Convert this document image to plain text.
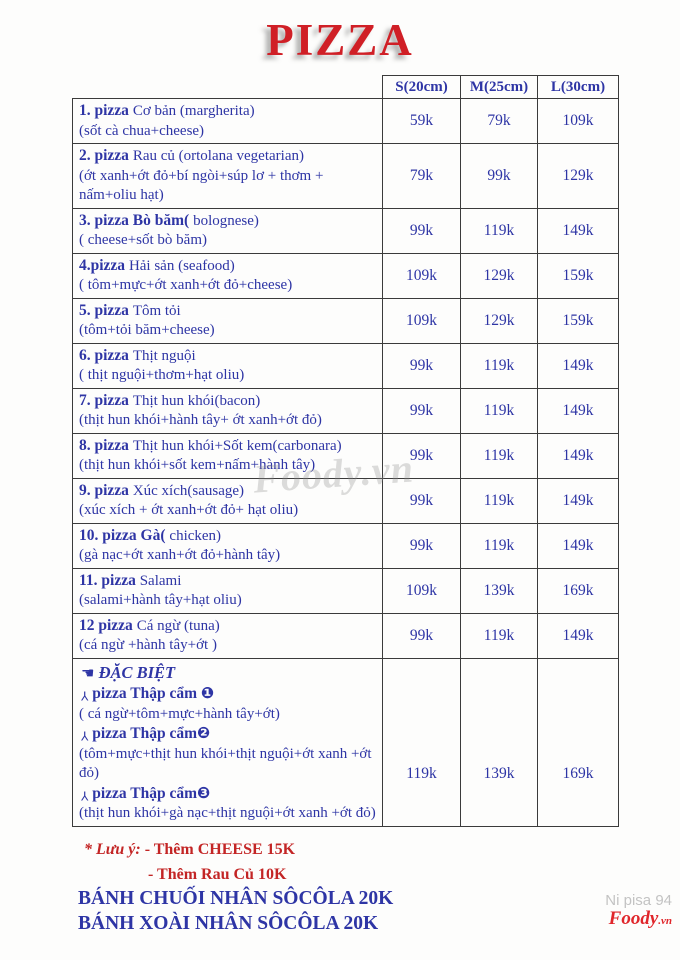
PIZZA
	S(20cm)	M(25cm)	L(30cm)
1. pizza Cơ bản (margherita)
(sốt cà chua+cheese)	59k	79k	109k
2. pizza Rau củ (ortolana vegetarian)
(ớt xanh+ớt đỏ+bí ngòi+súp lơ + thơm + nấm+oliu hạt)	79k	99k	129k
3. pizza Bò băm( bolognese)
( cheese+sốt bò băm)	99k	119k	149k
4.pizza Hải sản (seafood)
( tôm+mực+ớt xanh+ớt đỏ+cheese)	109k	129k	159k
5. pizza Tôm tỏi
(tôm+tỏi băm+cheese)	109k	129k	159k
6. pizza Thịt nguội
( thịt nguội+thơm+hạt oliu)	99k	119k	149k
7. pizza Thịt hun khói(bacon)
(thịt hun khói+hành tây+ ớt xanh+ớt đỏ)	99k	119k	149k
8. pizza Thịt hun khói+Sốt kem(carbonara)
(thịt hun khói+sốt kem+nấm+hành tây)	99k	119k	149k
9. pizza Xúc xích(sausage)
(xúc xích + ớt xanh+ớt đỏ+ hạt oliu)	99k	119k	149k
10. pizza Gà( chicken)
(gà nạc+ớt xanh+ớt đỏ+hành tây)	99k	119k	149k
11. pizza Salami
(salami+hành tây+hạt oliu)	109k	139k	169k
12 pizza Cá ngừ (tuna)
(cá ngừ +hành tây+ớt )	99k	119k	149k

☚ ĐẶC BIỆT
Y pizza Thập cẩm ❶
( cá ngừ+tôm+mực+hành tây+ớt)
Y pizza Thập cẩm❷
(tôm+mực+thịt hun khói+thịt nguội+ớt xanh +ớt đỏ)
Y pizza Thập cẩm❸
(thịt hun khói+gà nạc+thịt nguội+ớt xanh +ớt đỏ)
	119k	139k	169k
Foody.vn
* Lưu ý: - Thêm CHEESE 15K
- Thêm Rau Củ 10K
BÁNH CHUỐI NHÂN SÔCÔLA 20K
BÁNH XOÀI NHÂN SÔCÔLA 20K
Ni pisa 94
Foody.vn
